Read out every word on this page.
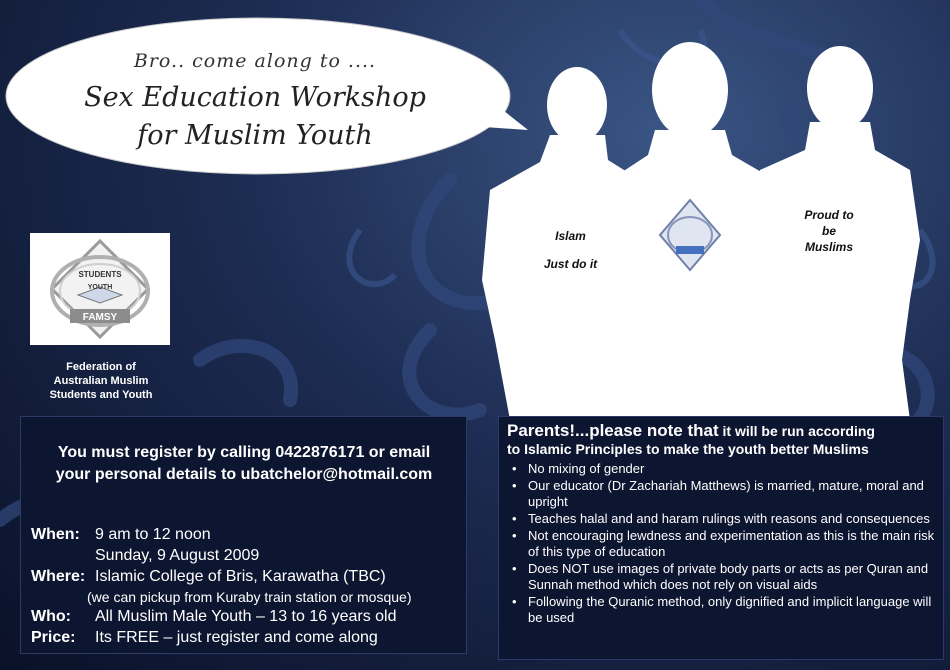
Bro.. come along to ....
Sex Education Workshop
for Muslim Youth
Islam
Just do it
Proud to
be
Muslims
STUDENTS
YOUTH
FAMSY
Federation of
Australian Muslim
Students and Youth
You must register by calling 0422876171 or email
your personal details to ubatchelor@hotmail.com
When: 9 am to 12 noon
Sunday, 9 August 2009
Where: Islamic College of Bris, Karawatha (TBC)
(we can pickup from Kuraby train station or mosque)
Who: All Muslim Male Youth – 13 to 16 years old
Price: Its FREE – just register and come along
Parents!...please note that it will be run according
to Islamic Principles to make the youth better Muslims
• No mixing of gender
• Our educator (Dr Zachariah Matthews) is married, mature, moral and upright
• Teaches halal and and haram rulings with reasons and consequences
• Not encouraging lewdness and experimentation as this is the main risk of this type of education
• Does NOT use images of private body parts or acts as per Quran and Sunnah method which does not rely on visual aids
• Following the Quranic method, only dignified and implicit language will be used
